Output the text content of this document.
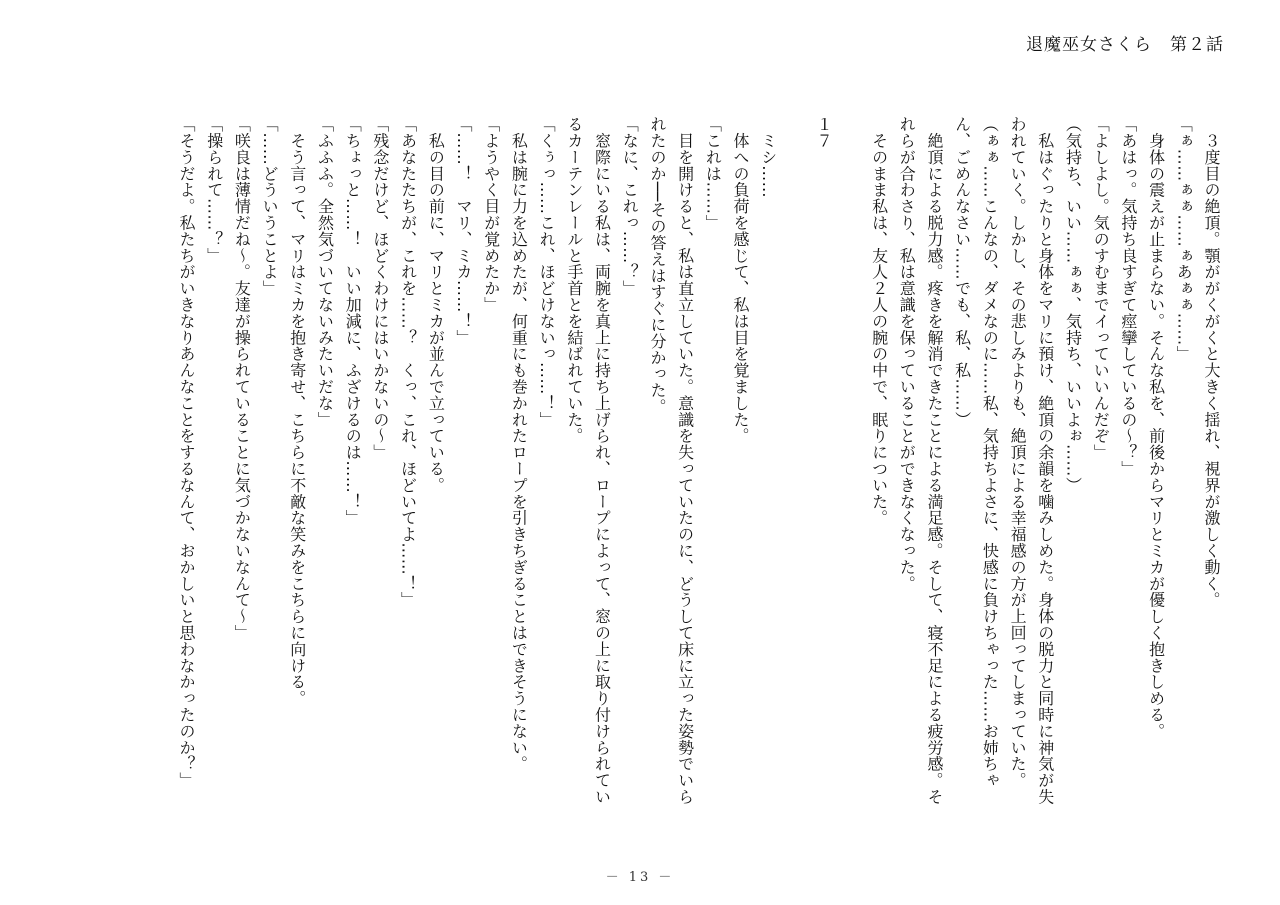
退魔巫女さくら　第２話

　３度目の絶頂。顎ががくがくと大きく揺れ、視界が激しく動く。

「ぁ……ぁぁ……ぁあぁぁ……」

　身体の震えが止まらない。そんな私を、前後からマリとミカが優しく抱きしめる。

「あはっ。気持ち良すぎて痙攣しているの～？」

「よしよし。気のすむまでイっていいんだぞ」

（気持ち、いい……ぁぁ、気持ち、いいよぉ……）

　私はぐったりと身体をマリに預け、絶頂の余韻を噛みしめた。身体の脱力と同時に神気が失われていく。しかし、その悲しみよりも、絶頂による幸福感の方が上回ってしまっていた。

（ぁぁ……こんなの、ダメなのに……私、気持ちよさに、快感に負けちゃった……お姉ちゃん、ごめんなさい……でも、私、私……）

　絶頂による脱力感。疼きを解消できたことによる満足感。そして、寝不足による疲労感。それらが合わさり、私は意識を保っていることができなくなった。

　そのまま私は、友人２人の腕の中で、眠りについた。

１７

　ミシ……

　体への負荷を感じて、私は目を覚ました。

「これは……」

　目を開けると、私は直立していた。意識を失っていたのに、どうして床に立った姿勢でいられたのか──その答えはすぐに分かった。

「なに、これっ……？」

　窓際にいる私は、両腕を真上に持ち上げられ、ロープによって、窓の上に取り付けられているカーテンレールと手首とを結ばれていた。

「くぅっ……これ、ほどけないっ……！」

　私は腕に力を込めたが、何重にも巻かれたロープを引きちぎることはできそうにない。

「ようやく目が覚めたか」

「……！　マリ、ミカ……！」

　私の目の前に、マリとミカが並んで立っている。

「あなたたちが、これを……？　くっ、これ、ほどいてよ……！」

「残念だけど、ほどくわけにはいかないの～」

「ちょっと……！　いい加減に、ふざけるのは……！」

「ふふふ。全然気づいてないみたいだな」

　そう言って、マリはミカを抱き寄せ、こちらに不敵な笑みをこちらに向ける。

「……どういうことよ」

「咲良は薄情だね～。友達が操られていることに気づかないなんて～」

「操られて……？」

「そうだよ。私たちがいきなりあんなことをするなんて、おかしいと思わなかったのか？」

－ 13 －
